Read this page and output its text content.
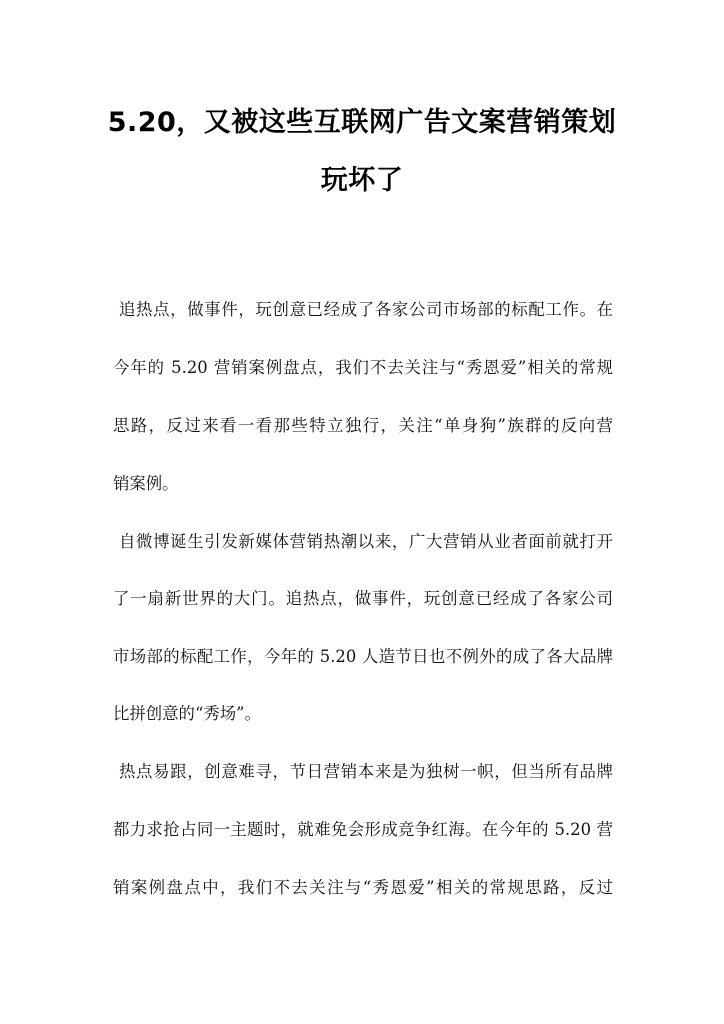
5.20，又被这些互联网广告文案营销策划
玩坏了
追热点，做事件，玩创意已经成了各家公司市场部的标配工作。在
今年的 5.20 营销案例盘点，我们不去关注与“秀恩爱”相关的常规
思路，反过来看一看那些特立独行，关注“单身狗”族群的反向营
销案例。
自微博诞生引发新媒体营销热潮以来，广大营销从业者面前就打开
了一扇新世界的大门。追热点，做事件，玩创意已经成了各家公司
市场部的标配工作，今年的 5.20 人造节日也不例外的成了各大品牌
比拼创意的“秀场”。
热点易跟，创意难寻，节日营销本来是为独树一帜，但当所有品牌
都力求抢占同一主题时，就难免会形成竞争红海。在今年的 5.20 营
销案例盘点中，我们不去关注与“秀恩爱”相关的常规思路，反过
